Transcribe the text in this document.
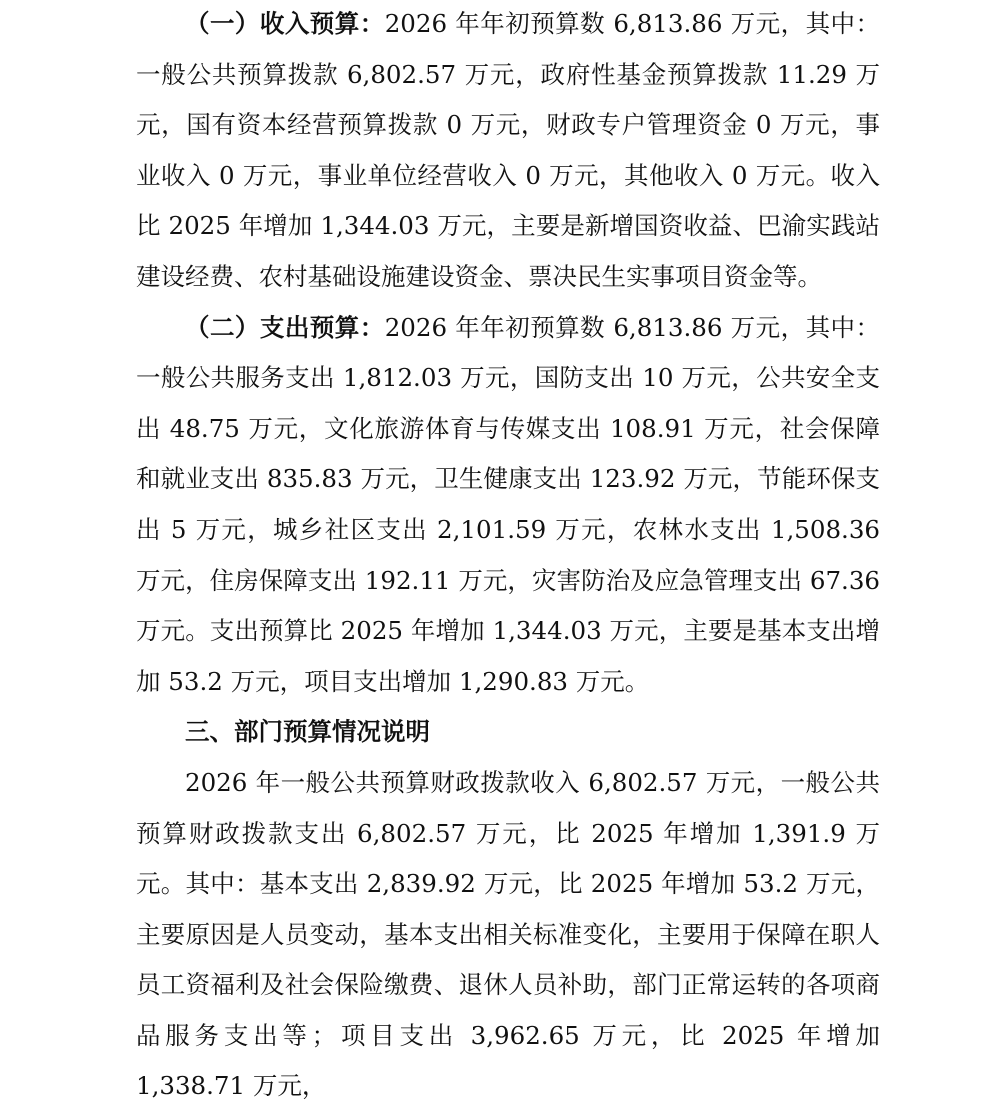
（一）收入预算：2026 年年初预算数 6,813.86 万元，其中：一般公共预算拨款 6,802.57 万元，政府性基金预算拨款 11.29 万元，国有资本经营预算拨款 0 万元，财政专户管理资金 0 万元，事业收入 0 万元，事业单位经营收入 0 万元，其他收入 0 万元。收入比 2025 年增加 1,344.03 万元，主要是新增国资收益、巴渝实践站建设经费、农村基础设施建设资金、票决民生实事项目资金等。

（二）支出预算：2026 年年初预算数 6,813.86 万元，其中：一般公共服务支出 1,812.03 万元，国防支出 10 万元，公共安全支出 48.75 万元，文化旅游体育与传媒支出 108.91 万元，社会保障和就业支出 835.83 万元，卫生健康支出 123.92 万元，节能环保支出 5 万元，城乡社区支出 2,101.59 万元，农林水支出 1,508.36 万元，住房保障支出 192.11 万元，灾害防治及应急管理支出 67.36 万元。支出预算比 2025 年增加 1,344.03 万元，主要是基本支出增加 53.2 万元，项目支出增加 1,290.83 万元。

三、部门预算情况说明

2026 年一般公共预算财政拨款收入 6,802.57 万元，一般公共预算财政拨款支出 6,802.57 万元，比 2025 年增加 1,391.9 万元。其中：基本支出 2,839.92 万元，比 2025 年增加 53.2 万元，主要原因是人员变动，基本支出相关标准变化，主要用于保障在职人员工资福利及社会保险缴费、退休人员补助，部门正常运转的各项商品服务支出等；项目支出 3,962.65 万元，比 2025 年增加 1,338.71 万元，
